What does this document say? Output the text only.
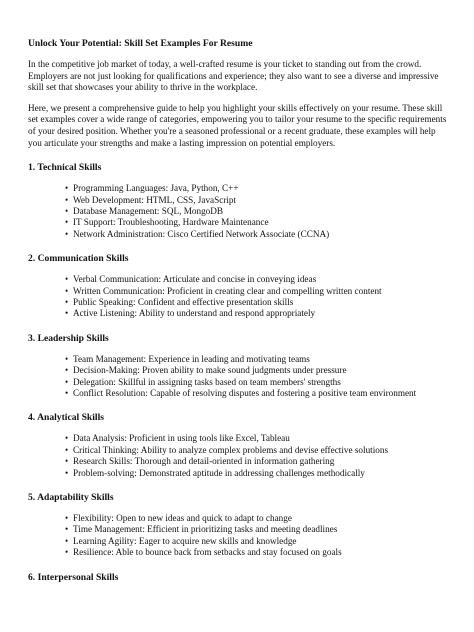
Unlock Your Potential: Skill Set Examples For Resume

In the competitive job market of today, a well-crafted resume is your ticket to standing out from the crowd. Employers are not just looking for qualifications and experience; they also want to see a diverse and impressive skill set that showcases your ability to thrive in the workplace.

Here, we present a comprehensive guide to help you highlight your skills effectively on your resume. These skill set examples cover a wide range of categories, empowering you to tailor your resume to the specific requirements of your desired position. Whether you're a seasoned professional or a recent graduate, these examples will help you articulate your strengths and make a lasting impression on potential employers.

1. Technical Skills
• Programming Languages: Java, Python, C++
• Web Development: HTML, CSS, JavaScript
• Database Management: SQL, MongoDB
• IT Support: Troubleshooting, Hardware Maintenance
• Network Administration: Cisco Certified Network Associate (CCNA)
2. Communication Skills
• Verbal Communication: Articulate and concise in conveying ideas
• Written Communication: Proficient in creating clear and compelling written content
• Public Speaking: Confident and effective presentation skills
• Active Listening: Ability to understand and respond appropriately
3. Leadership Skills
• Team Management: Experience in leading and motivating teams
• Decision-Making: Proven ability to make sound judgments under pressure
• Delegation: Skillful in assigning tasks based on team members' strengths
• Conflict Resolution: Capable of resolving disputes and fostering a positive team environment
4. Analytical Skills
• Data Analysis: Proficient in using tools like Excel, Tableau
• Critical Thinking: Ability to analyze complex problems and devise effective solutions
• Research Skills: Thorough and detail-oriented in information gathering
• Problem-solving: Demonstrated aptitude in addressing challenges methodically
5. Adaptability Skills
• Flexibility: Open to new ideas and quick to adapt to change
• Time Management: Efficient in prioritizing tasks and meeting deadlines
• Learning Agility: Eager to acquire new skills and knowledge
• Resilience: Able to bounce back from setbacks and stay focused on goals
6. Interpersonal Skills
